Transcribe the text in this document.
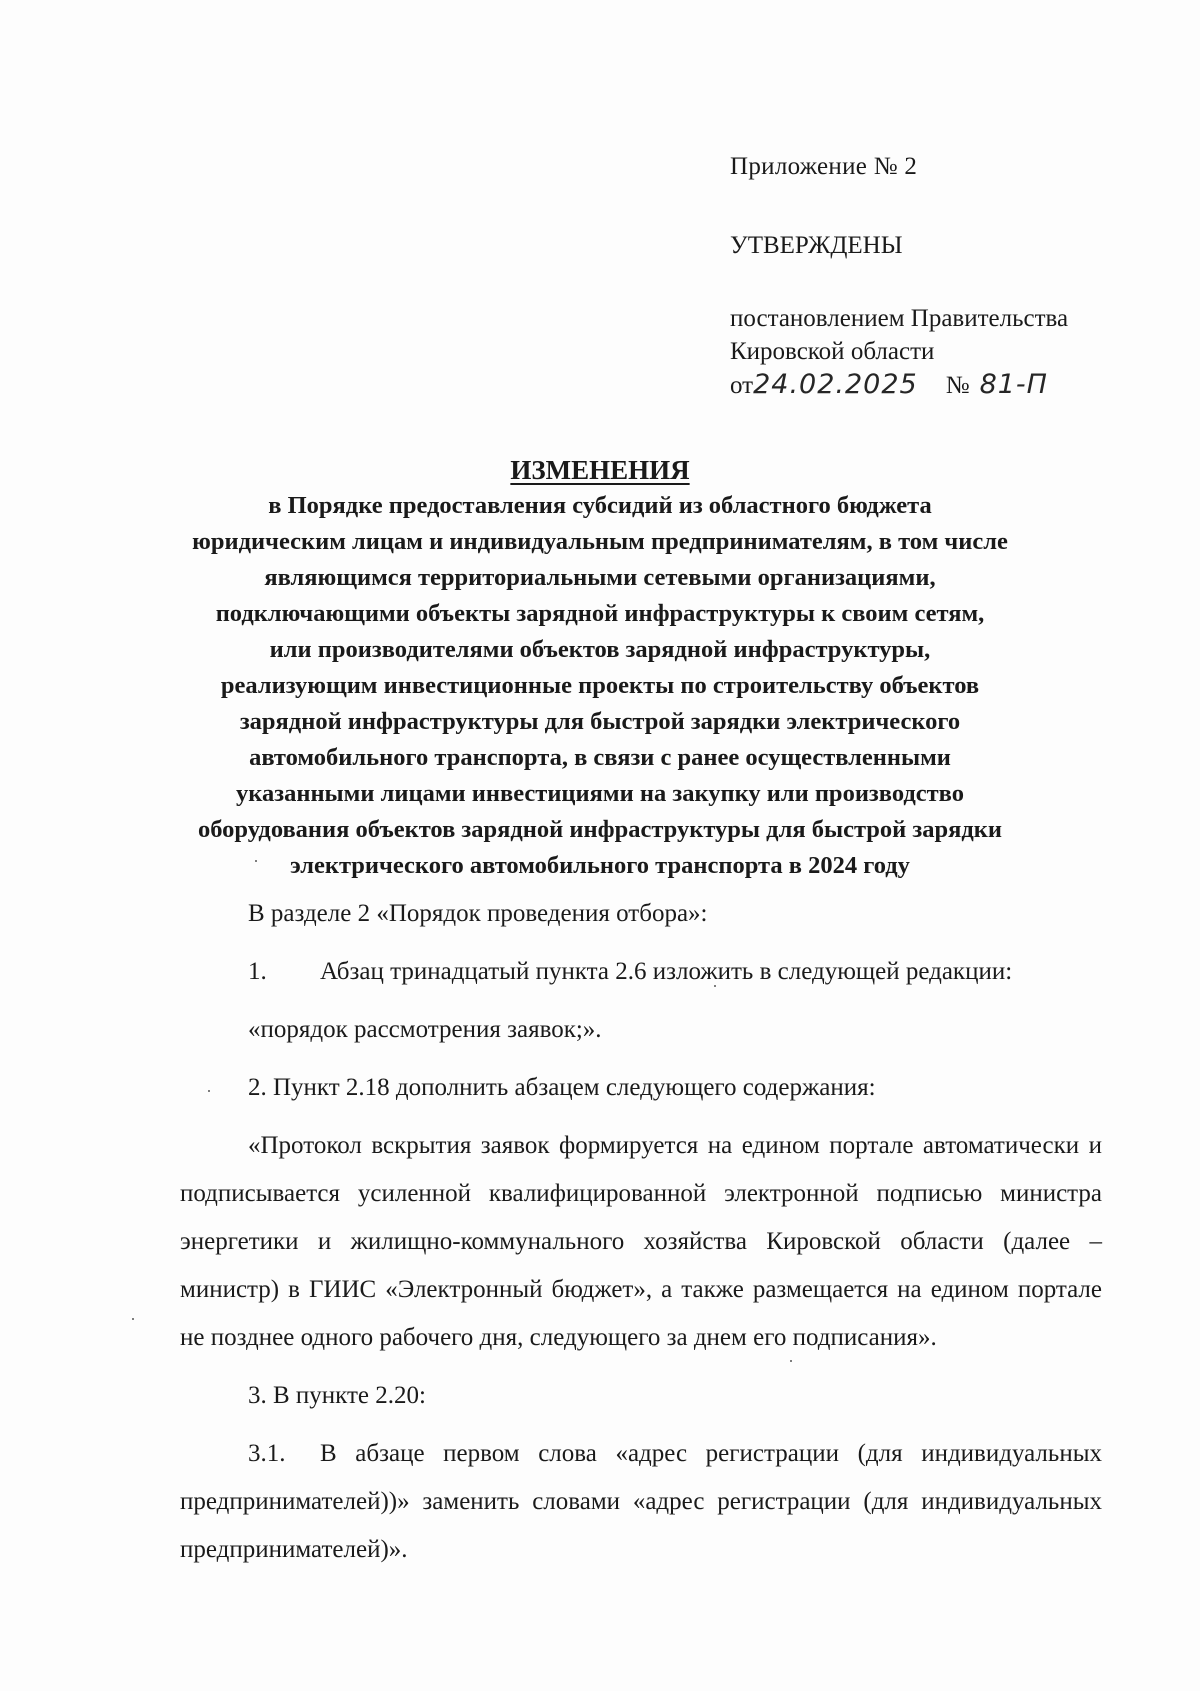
Приложение № 2
УТВЕРЖДЕНЫ
постановлением Правительства
Кировской области
от 24.02.2025 № 81-П
ИЗМЕНЕНИЯ
в Порядке предоставления субсидий из областного бюджета
юридическим лицам и индивидуальным предпринимателям, в том числе
являющимся территориальными сетевыми организациями,
подключающими объекты зарядной инфраструктуры к своим сетям,
или производителями объектов зарядной инфраструктуры,
реализующим инвестиционные проекты по строительству объектов
зарядной инфраструктуры для быстрой зарядки электрического
автомобильного транспорта, в связи с ранее осуществленными
указанными лицами инвестициями на закупку или производство
оборудования объектов зарядной инфраструктуры для быстрой зарядки
электрического автомобильного транспорта в 2024 году

В разделе 2 «Порядок проведения отбора»:

1. Абзац тринадцатый пункта 2.6 изложить в следующей редакции:

«порядок рассмотрения заявок;».

2. Пункт 2.18 дополнить абзацем следующего содержания:

«Протокол вскрытия заявок формируется на едином портале автоматически и подписывается усиленной квалифицированной электронной подписью министра энергетики и жилищно-коммунального хозяйства Кировской области (далее – министр) в ГИИС «Электронный бюджет», а также размещается на едином портале не позднее одного рабочего дня, следующего за днем его подписания».

3. В пункте 2.20:

3.1. В абзаце первом слова «адрес регистрации (для индивидуальных предпринимателей))» заменить словами «адрес регистрации (для индивидуальных предпринимателей)».
